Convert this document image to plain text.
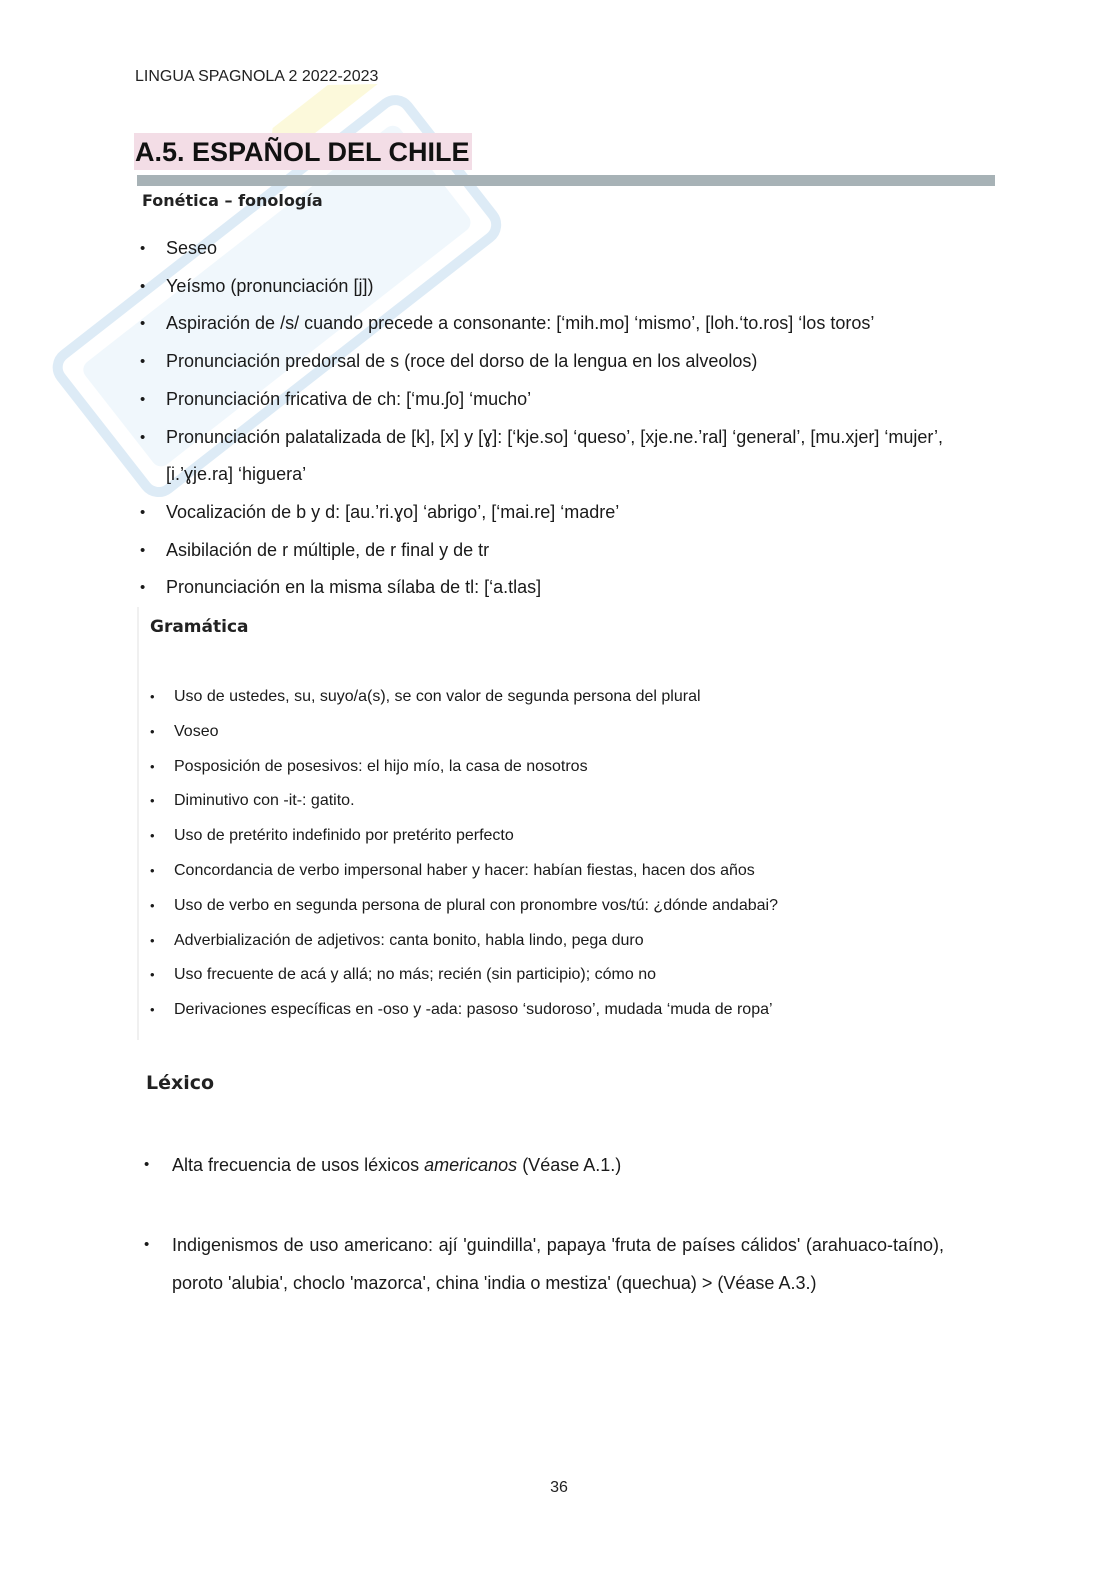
LINGUA SPAGNOLA 2 2022-2023
A.5. ESPAÑOL DEL CHILE
Fonética – fonología
• Seseo
• Yeísmo (pronunciación [j])
• Aspiración de /s/ cuando precede a consonante: [‘mih.mo] ‘mismo’, [loh.‘to.ros] ‘los toros’
• Pronunciación predorsal de s (roce del dorso de la lengua en los alveolos)
• Pronunciación fricativa de ch: [‘mu.ʃo] ‘mucho’
• Pronunciación palatalizada de [k], [x] y [ɣ]: [‘kje.so] ‘queso’, [xje.ne.’ral] ‘general’, [mu.xjer] ‘mujer’, [i.’ɣje.ra] ‘higuera’
• Vocalización de b y d: [au.’ri.ɣo] ‘abrigo’, [‘mai.re] ‘madre’
• Asibilación de r múltiple, de r final y de tr
• Pronunciación en la misma sílaba de tl: [‘a.tlas]
Gramática
• Uso de ustedes, su, suyo/a(s), se con valor de segunda persona del plural
• Voseo
• Posposición de posesivos: el hijo mío, la casa de nosotros
• Diminutivo con -it-: gatito.
• Uso de pretérito indefinido por pretérito perfecto
• Concordancia de verbo impersonal haber y hacer: habían fiestas, hacen dos años
• Uso de verbo en segunda persona de plural con pronombre vos/tú: ¿dónde andabai?
• Adverbialización de adjetivos: canta bonito, habla lindo, pega duro
• Uso frecuente de acá y allá; no más; recién (sin participio); cómo no
• Derivaciones específicas en -oso y -ada: pasoso ‘sudoroso’, mudada ‘muda de ropa’
Léxico
• Alta frecuencia de usos léxicos americanos (Véase A.1.)
• Indigenismos de uso americano: ají 'guindilla', papaya 'fruta de países cálidos' (arahuaco-taíno), poroto 'alubia', choclo 'mazorca', china 'india o mestiza' (quechua) > (Véase A.3.)
36
